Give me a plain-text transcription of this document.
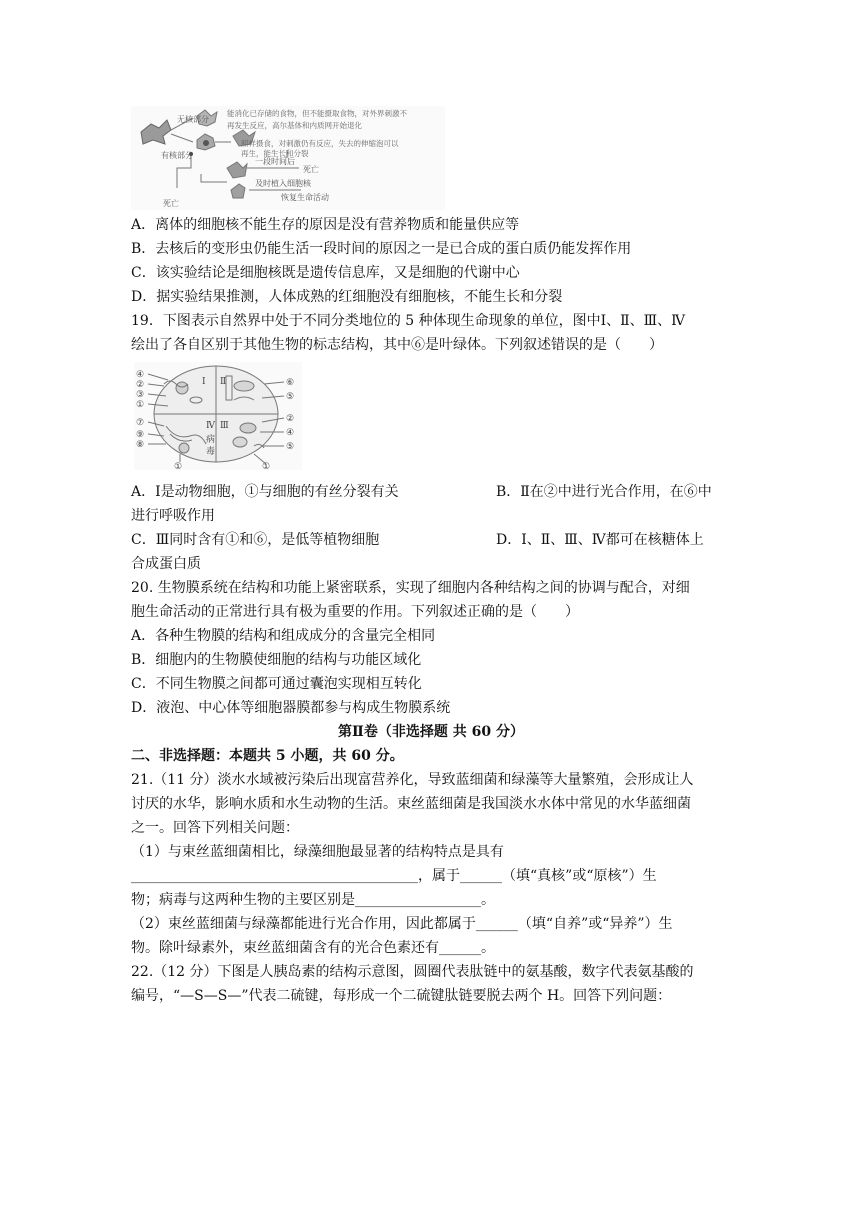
无核部分
有核部分
死亡
一段时间后
死亡
及时植入细胞核
恢复生命活动
能消化已存储的食物，但不能摄取食物，对外界刺激不
再发生反应，高尔基体和内质网开始退化
照样摄食，对刺激仍有反应，失去的伸缩泡可以
再生，能生长和分裂
A．离体的细胞核不能生存的原因是没有营养物质和能量供应等
B．去核后的变形虫仍能生活一段时间的原因之一是已合成的蛋白质仍能发挥作用
C．该实验结论是细胞核既是遗传信息库，又是细胞的代谢中心
D．据实验结果推测，人体成熟的红细胞没有细胞核，不能生长和分裂
19．下图表示自然界中处于不同分类地位的 5 种体现生命现象的单位，图中Ⅰ、Ⅱ、Ⅲ、Ⅳ
绘出了各自区别于其他生物的标志结构，其中⑥是叶绿体。下列叙述错误的是（　　）
④
②
③
①
⑦
⑨
⑧
⑥
⑤
②
④
⑤
①	①
Ⅰ Ⅱ
Ⅲ
Ⅳ
病
毒
A．Ⅰ是动物细胞，①与细胞的有丝分裂有关	B．Ⅱ在②中进行光合作用，在⑥中
进行呼吸作用
C．Ⅲ同时含有①和⑥，是低等植物细胞	D．Ⅰ、Ⅱ、Ⅲ、Ⅳ都可在核糖体上
合成蛋白质
20. 生物膜系统在结构和功能上紧密联系，实现了细胞内各种结构之间的协调与配合，对细
胞生命活动的正常进行具有极为重要的作用。下列叙述正确的是（　　）
A．各种生物膜的结构和组成成分的含量完全相同
B．细胞内的生物膜使细胞的结构与功能区域化
C．不同生物膜之间都可通过囊泡实现相互转化
D．液泡、中心体等细胞器膜都参与构成生物膜系统
第Ⅱ卷（非选择题 共 60 分）
二、非选择题：本题共 5 小题，共 60 分。
21.（11 分）淡水水域被污染后出现富营养化，导致蓝细菌和绿藻等大量繁殖，会形成让人
讨厌的水华，影响水质和水生动物的生活。束丝蓝细菌是我国淡水水体中常见的水华蓝细菌
之一。回答下列相关问题：
（1）与束丝蓝细菌相比，绿藻细胞最显著的结构特点是具有
_________________________________________，属于______（填“真核”或“原核”）生
物；病毒与这两种生物的主要区别是__________________。
（2）束丝蓝细菌与绿藻都能进行光合作用，因此都属于______（填“自养”或“异养”）生
物。除叶绿素外，束丝蓝细菌含有的光合色素还有______。
22.（12 分）下图是人胰岛素的结构示意图，圆圈代表肽链中的氨基酸，数字代表氨基酸的
编号，“—S—S—”代表二硫键，每形成一个二硫键肽链要脱去两个 H。回答下列问题：
